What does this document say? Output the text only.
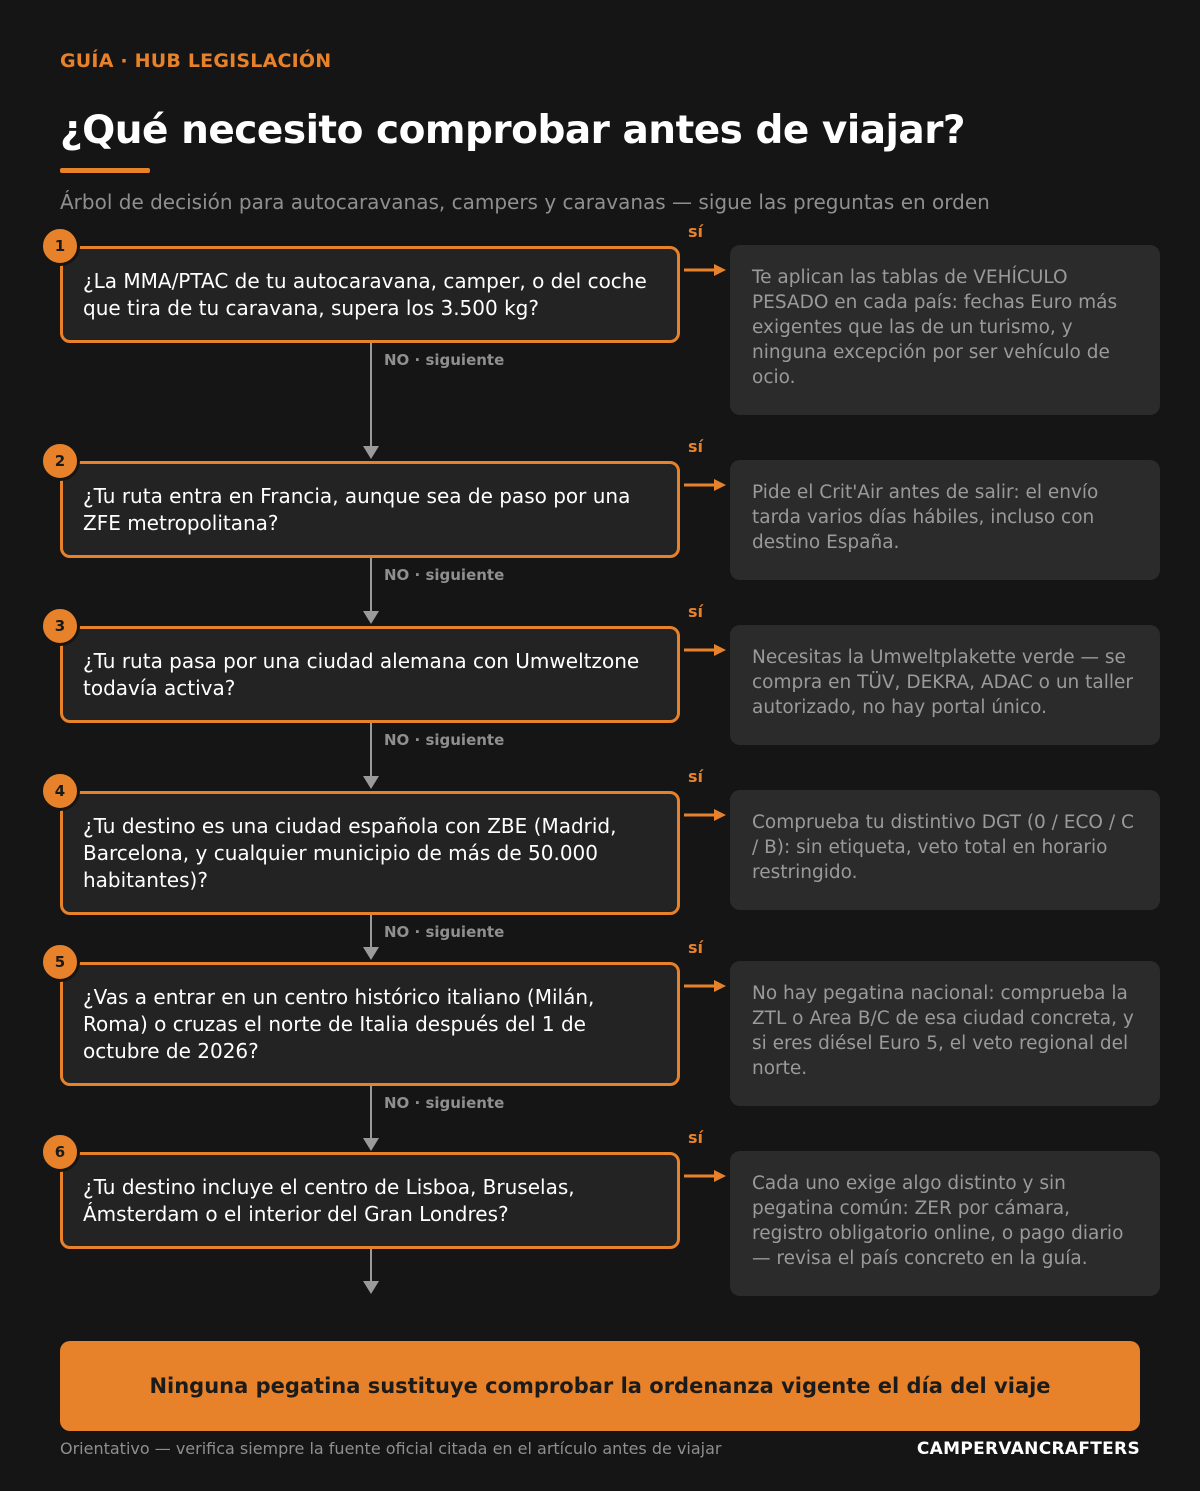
GUÍA · HUB LEGISLACIÓN
¿Qué necesito comprobar antes de viajar?
Árbol de decisión para autocaravanas, campers y caravanas — sigue las preguntas en orden
¿La MMA/PTAC de tu autocaravana, camper, o del coche que tira de tu caravana, supera los 3.500 kg?
1
sí
Te aplican las tablas de VEHÍCULO PESADO en cada país: fechas Euro más exigentes que las de un turismo, y ninguna excepción por ser vehículo de ocio.
NO · siguiente
¿Tu ruta entra en Francia, aunque sea de paso por una ZFE metropolitana?
2
sí
Pide el Crit'Air antes de salir: el envío tarda varios días hábiles, incluso con destino España.
NO · siguiente
¿Tu ruta pasa por una ciudad alemana con Umweltzone todavía activa?
3
sí
Necesitas la Umweltplakette verde — se compra en TÜV, DEKRA, ADAC o un taller autorizado, no hay portal único.
NO · siguiente
¿Tu destino es una ciudad española con ZBE (Madrid, Barcelona, y cualquier municipio de más de 50.000 habitantes)?
4
sí
Comprueba tu distintivo DGT (0 / ECO / C / B): sin etiqueta, veto total en horario restringido.
NO · siguiente
¿Vas a entrar en un centro histórico italiano (Milán, Roma) o cruzas el norte de Italia después del 1 de octubre de 2026?
5
sí
No hay pegatina nacional: comprueba la ZTL o Area B/C de esa ciudad concreta, y si eres diésel Euro 5, el veto regional del norte.
NO · siguiente
¿Tu destino incluye el centro de Lisboa, Bruselas, Ámsterdam o el interior del Gran Londres?
6
sí
Cada uno exige algo distinto y sin pegatina común: ZER por cámara, registro obligatorio online, o pago diario — revisa el país concreto en la guía.
Ninguna pegatina sustituye comprobar la ordenanza vigente el día del viaje
Orientativo — verifica siempre la fuente oficial citada en el artículo antes de viajar	CAMPERVANCRAFTERS
